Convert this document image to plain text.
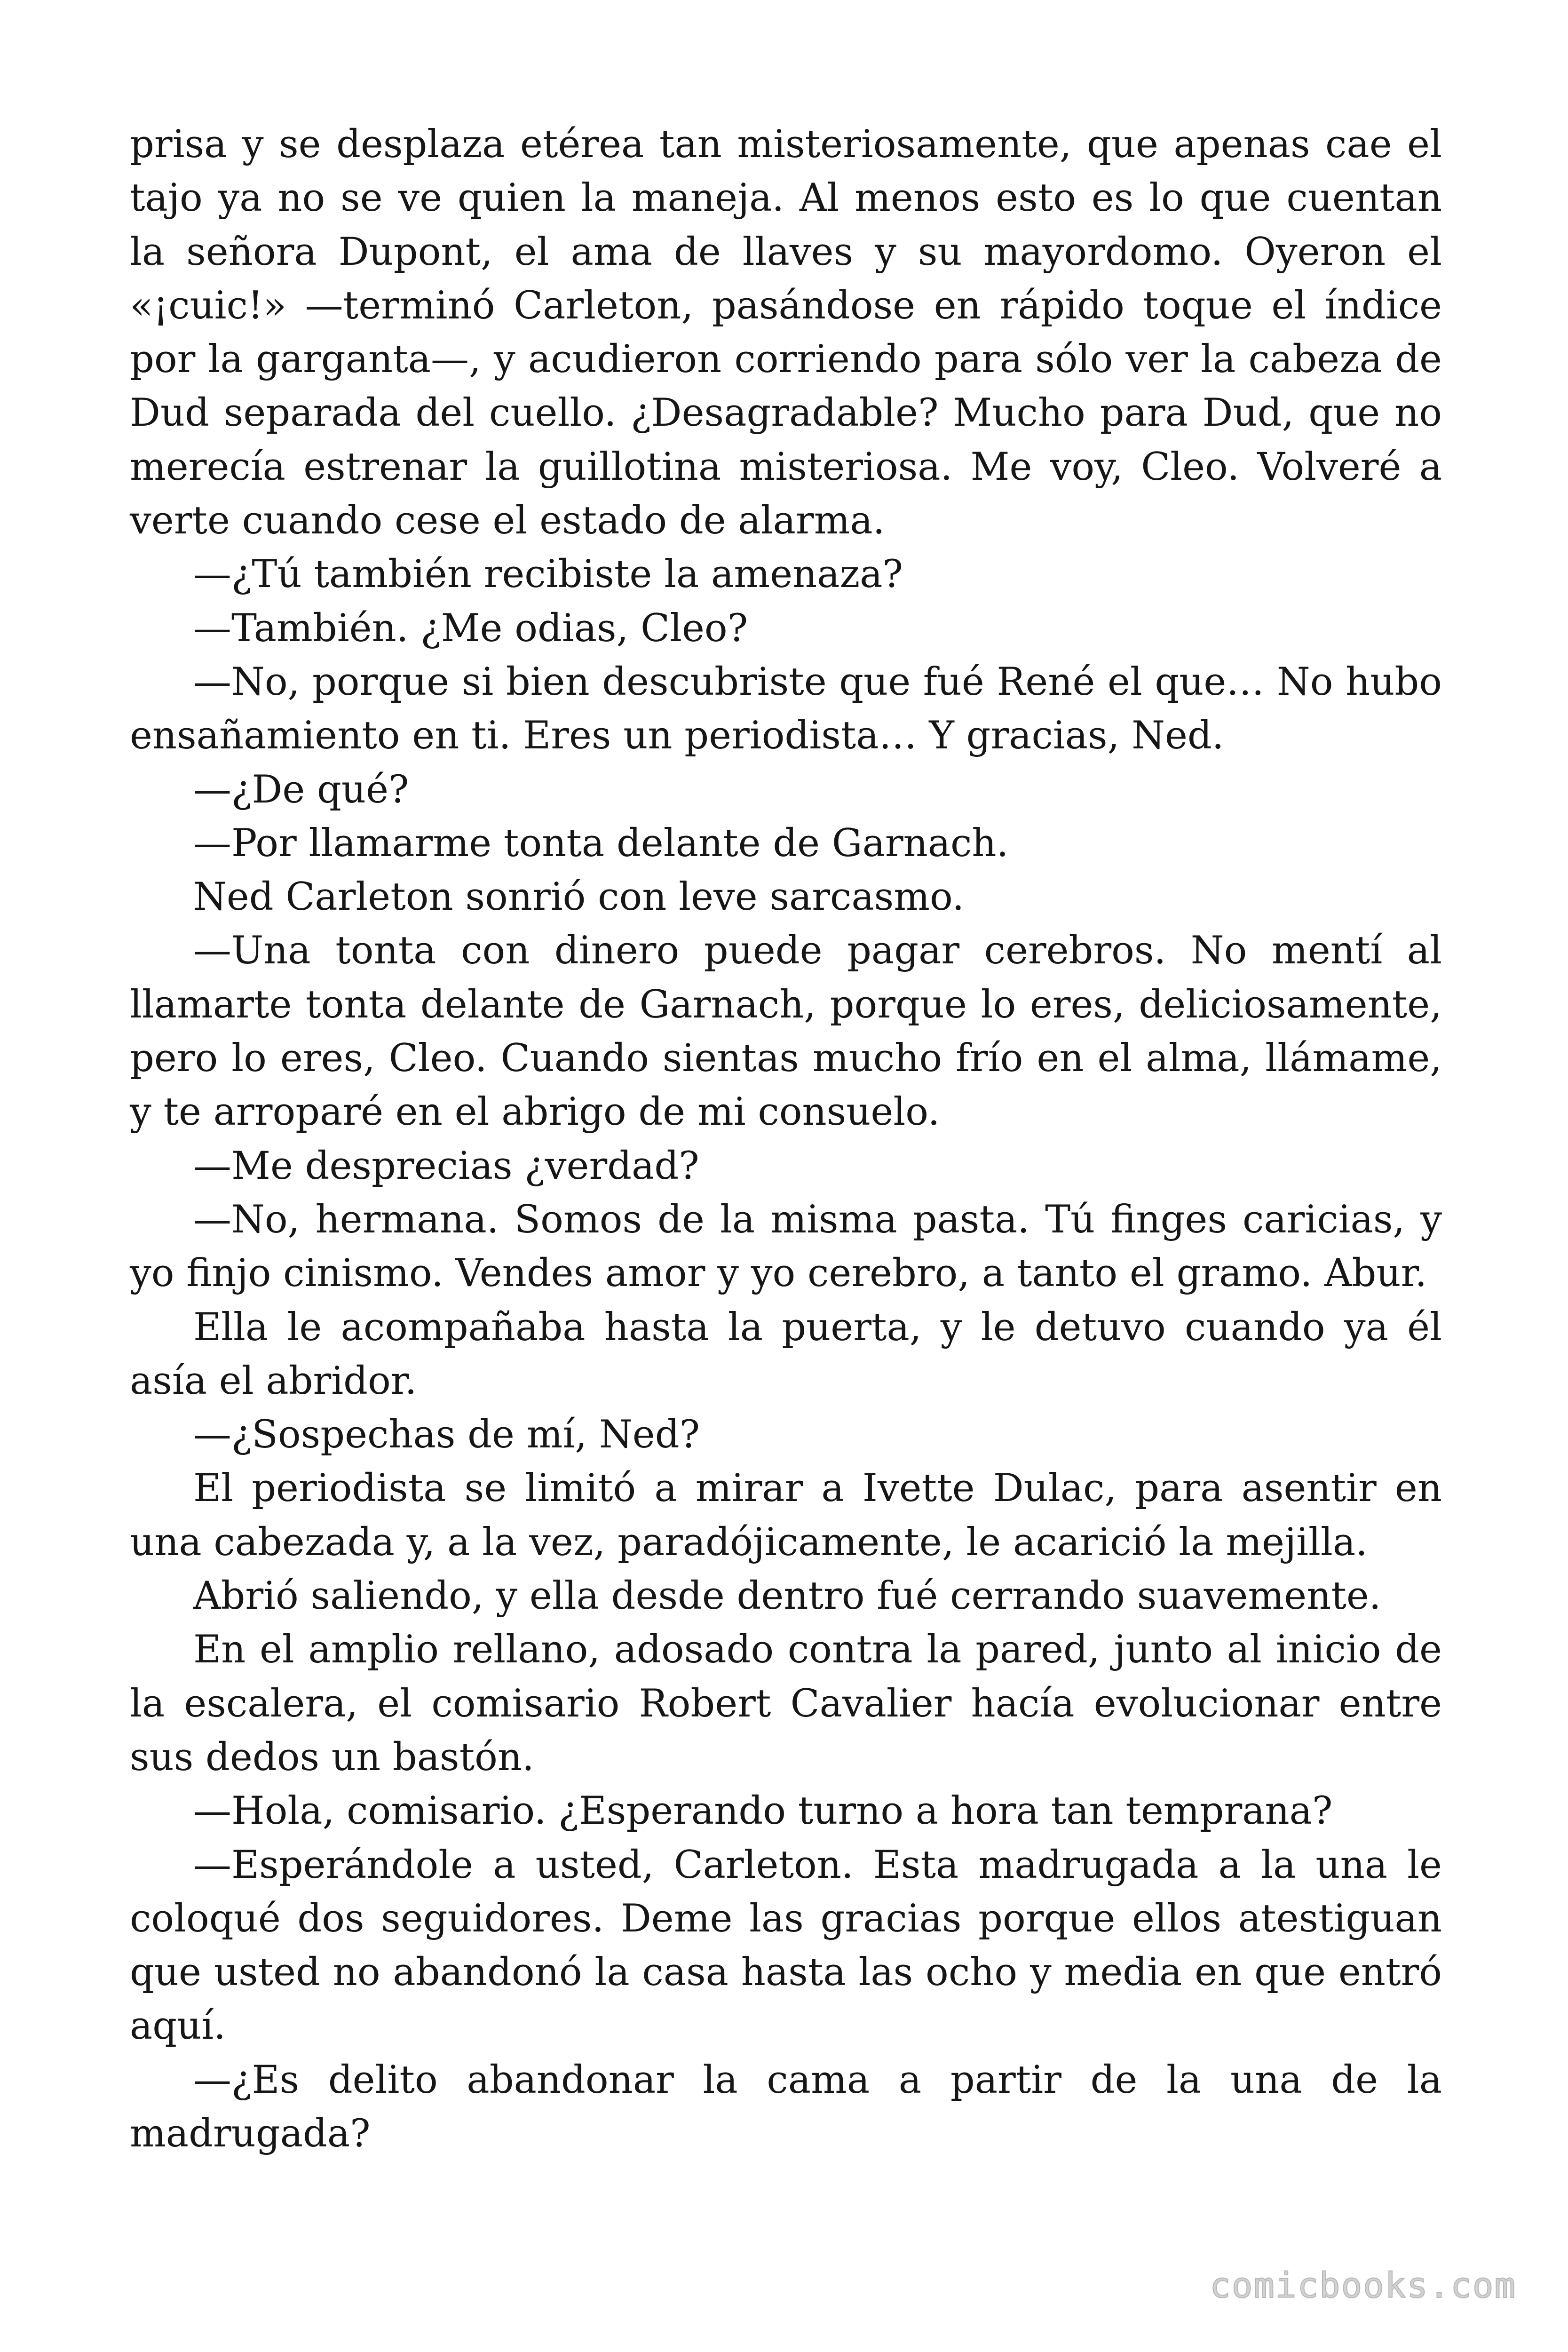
prisa y se desplaza etérea tan misteriosamente, que apenas cae el tajo ya no se ve quien la maneja. Al menos esto es lo que cuentan la señora Dupont, el ama de llaves y su mayordomo. Oyeron el «¡cuic!» —terminó Carleton, pasándose en rápido toque el índice por la garganta—, y acudieron corriendo para sólo ver la cabeza de Dud separada del cuello. ¿Desagradable? Mucho para Dud, que no merecía estrenar la guillotina misteriosa. Me voy, Cleo. Volveré a verte cuando cese el estado de alarma.

—¿Tú también recibiste la amenaza?

—También. ¿Me odias, Cleo?

—No, porque si bien descubriste que fué René el que… No hubo ensañamiento en ti. Eres un periodista… Y gracias, Ned.

—¿De qué?

—Por llamarme tonta delante de Garnach.

Ned Carleton sonrió con leve sarcasmo.

—Una tonta con dinero puede pagar cerebros. No mentí al llamarte tonta delante de Garnach, porque lo eres, deliciosamente, pero lo eres, Cleo. Cuando sientas mucho frío en el alma, llámame, y te arroparé en el abrigo de mi consuelo.

—Me desprecias ¿verdad?

—No, hermana. Somos de la misma pasta. Tú finges caricias, y yo finjo cinismo. Vendes amor y yo cerebro, a tanto el gramo. Abur.

Ella le acompañaba hasta la puerta, y le detuvo cuando ya él asía el abridor.

—¿Sospechas de mí, Ned?

El periodista se limitó a mirar a Ivette Dulac, para asentir en una cabezada y, a la vez, paradójicamente, le acarició la mejilla.

Abrió saliendo, y ella desde dentro fué cerrando suavemente.

En el amplio rellano, adosado contra la pared, junto al inicio de la escalera, el comisario Robert Cavalier hacía evolucionar entre sus dedos un bastón.

—Hola, comisario. ¿Esperando turno a hora tan temprana?

—Esperándole a usted, Carleton. Esta madrugada a la una le coloqué dos seguidores. Deme las gracias porque ellos atestiguan que usted no abandonó la casa hasta las ocho y media en que entró aquí.

—¿Es delito abandonar la cama a partir de la una de la madrugada?

comicbooks.com
